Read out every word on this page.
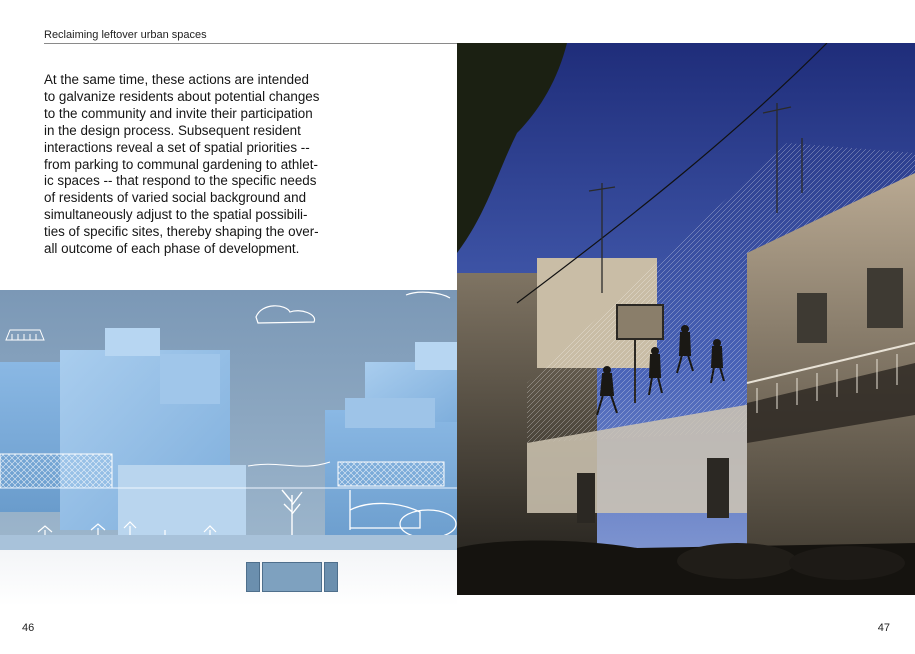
Reclaiming leftover urban spaces
At the same time, these actions are intended
to galvanize residents about potential changes
to the community and invite their participation
in the design process. Subsequent resident
interactions reveal a set of spatial priorities --
from parking to communal gardening to athlet-
ic spaces -- that respond to the specific needs
of residents of varied social background and
simultaneously adjust to the spatial possibili-
ties of specific sites, thereby shaping the over-
all outcome of each phase of development.
46	47
